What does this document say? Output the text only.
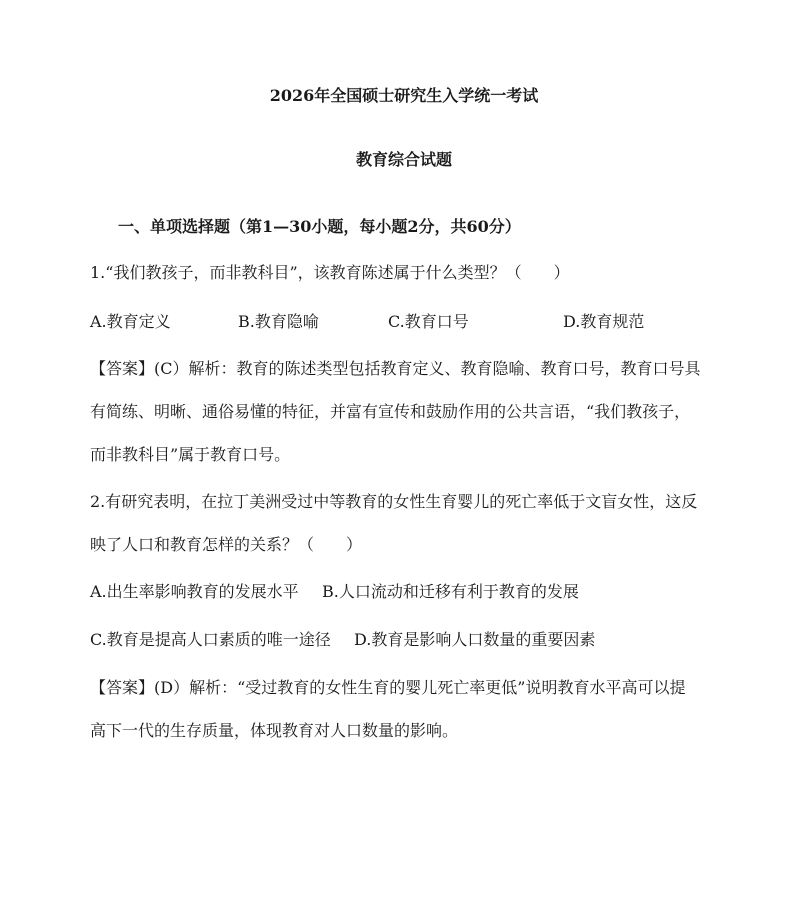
2026年全国硕士研究生入学统一考试
教育综合试题
一、单项选择题（第1—30小题，每小题2分，共60分）
1.“我们教孩子，而非教科目”，该教育陈述属于什么类型？（　　）
A.教育定义	B.教育隐喻	C.教育口号	D.教育规范
【答案】(C）解析：教育的陈述类型包括教育定义、教育隐喻、教育口号，教育口号具
有简练、明晰、通俗易懂的特征，并富有宣传和鼓励作用的公共言语，“我们教孩子，
而非教科目”属于教育口号。
2.有研究表明，在拉丁美洲受过中等教育的女性生育婴儿的死亡率低于文盲女性，这反
映了人口和教育怎样的关系？（　　）
A.出生率影响教育的发展水平 B.人口流动和迁移有利于教育的发展
C.教育是提高人口素质的唯一途径 D.教育是影响人口数量的重要因素
【答案】(D）解析：“受过教育的女性生育的婴儿死亡率更低”说明教育水平高可以提
高下一代的生存质量，体现教育对人口数量的影响。
